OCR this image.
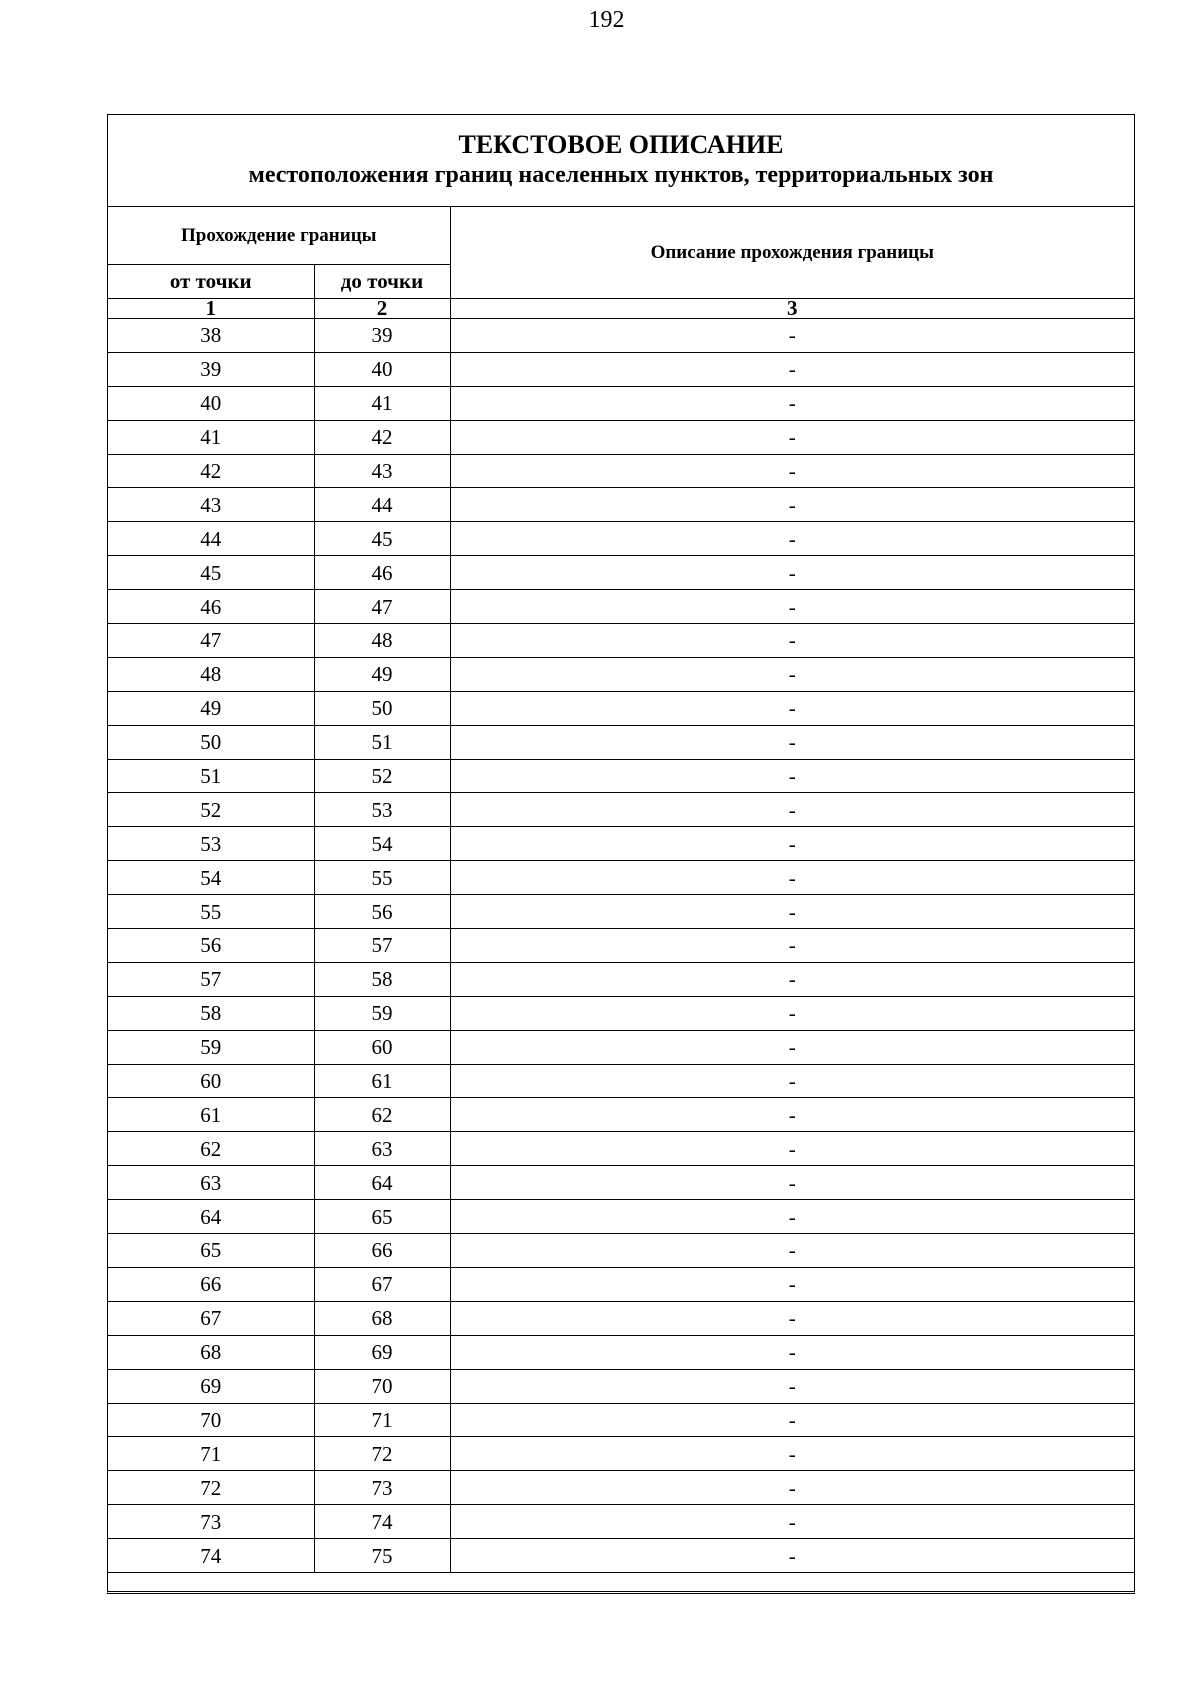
192
ТЕКСТОВОЕ ОПИСАНИЕ
местоположения границ населенных пунктов, территориальных зон
Прохождение границы		Описание прохождения границы
от точки	до точки	
1	2	3
38	39	-
39	40	-
40	41	-
41	42	-
42	43	-
43	44	-
44	45	-
45	46	-
46	47	-
47	48	-
48	49	-
49	50	-
50	51	-
51	52	-
52	53	-
53	54	-
54	55	-
55	56	-
56	57	-
57	58	-
58	59	-
59	60	-
60	61	-
61	62	-
62	63	-
63	64	-
64	65	-
65	66	-
66	67	-
67	68	-
68	69	-
69	70	-
70	71	-
71	72	-
72	73	-
73	74	-
74	75	-
